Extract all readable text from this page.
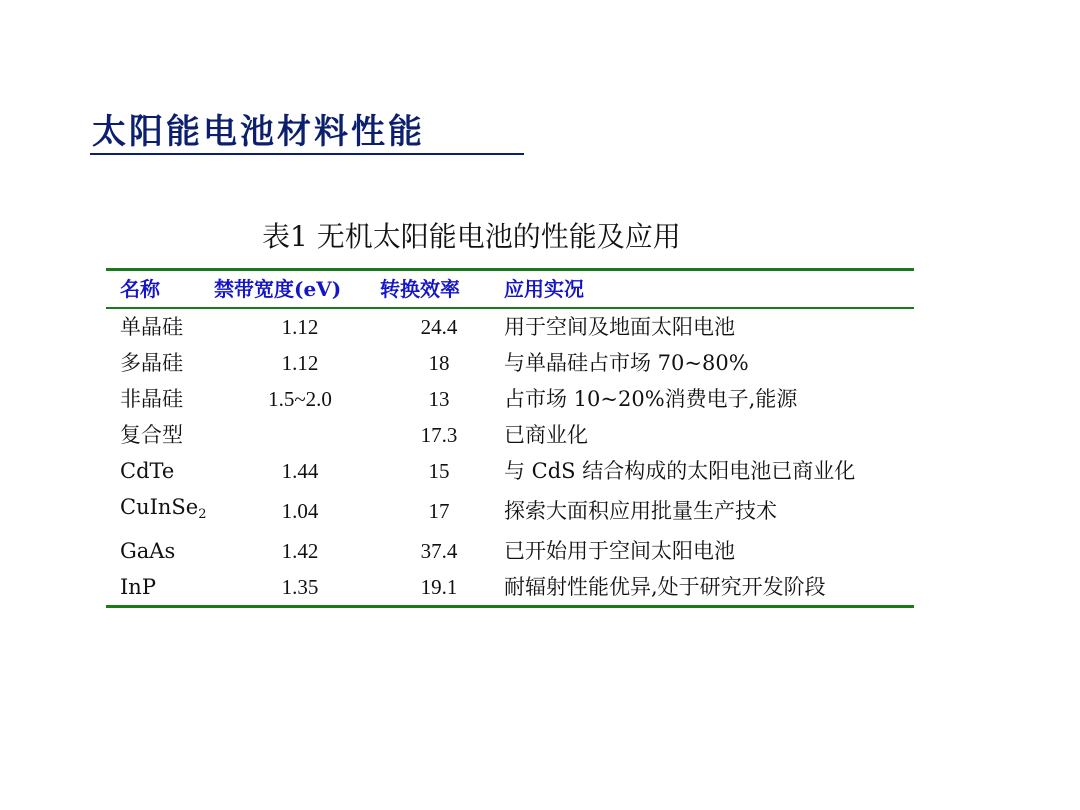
太阳能电池材料性能

表1 无机太阳能电池的性能及应用

名称	禁带宽度(eV)	转换效率	应用实况
单晶硅	1.12	24.4	用于空间及地面太阳电池
多晶硅	1.12	18	与单晶硅占市场 70~80%
非晶硅	1.5~2.0	13	占市场 10~20%消费电子,能源
复合型		17.3	已商业化
CdTe	1.44	15	与 CdS 结合构成的太阳电池已商业化
CuInSe$_2$	1.04	17	探索大面积应用批量生产技术
GaAs	1.42	37.4	已开始用于空间太阳电池
InP	1.35	19.1	耐辐射性能优异,处于研究开发阶段
